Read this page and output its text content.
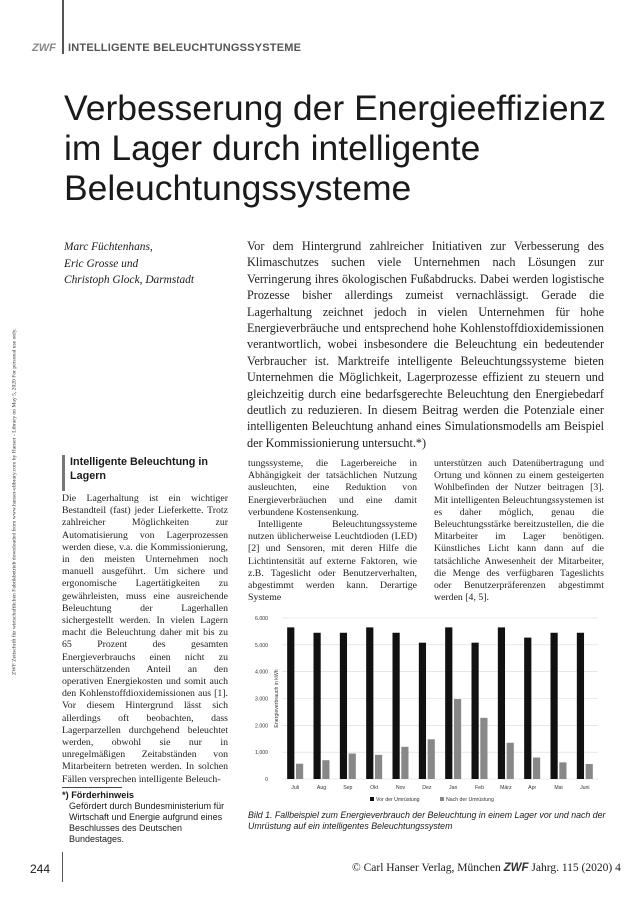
ZWF INTELLIGENTE BELEUCHTUNGSSYSTEME
ZWF Zeitschrift für wirtschaftlichen Fabrikbetrieb downloaded from www.hanser-elibrary.com by Hanser - Library on May 5, 2020 For personal use only.
Verbesserung der Energieeffizienz im Lager durch intelligente Beleuchtungssysteme
Marc Füchtenhans,
Eric Grosse und
Christoph Glock, Darmstadt
Vor dem Hintergrund zahlreicher Initiativen zur Verbesserung des Klimaschutzes suchen viele Unternehmen nach Lösungen zur Verringerung ihres ökologischen Fußabdrucks. Dabei werden logistische Prozesse bisher allerdings zumeist vernachlässigt. Gerade die Lagerhaltung zeichnet jedoch in vielen Unternehmen für hohe Energieverbräuche und entsprechend hohe Kohlenstoffdioxidemissionen verantwortlich, wobei insbesondere die Beleuchtung ein bedeutender Verbraucher ist. Marktreife intelligente Beleuchtungssysteme bieten Unternehmen die Möglichkeit, Lagerprozesse effizient zu steuern und gleichzeitig durch eine bedarfsgerechte Beleuchtung den Energiebedarf deutlich zu reduzieren. In diesem Beitrag werden die Potenziale einer intelligenten Beleuchtung anhand eines Simulationsmodells am Beispiel der Kommissionierung untersucht.*)
Intelligente Beleuchtung in Lagern
Die Lagerhaltung ist ein wichtiger Bestandteil (fast) jeder Lieferkette. Trotz zahlreicher Möglichkeiten zur Automatisierung von Lagerprozessen werden diese, v.a. die Kommissionierung, in den meisten Unternehmen noch manuell ausgeführt. Um sichere und ergonomische Lagertätigkeiten zu gewährleisten, muss eine ausreichende Beleuchtung der Lagerhallen sichergestellt werden. In vielen Lagern macht die Beleuchtung daher mit bis zu 65 Prozent des gesamten Energieverbrauchs einen nicht zu unterschätzenden Anteil an den operativen Energiekosten und somit auch den Kohlenstoffdioxidemissionen aus [1]. Vor diesem Hintergrund lässt sich allerdings oft beobachten, dass Lagerparzellen durchgehend beleuchtet werden, obwohl sie nur in unregelmäßigen Zeitabständen von Mitarbeitern betreten werden. In solchen Fällen versprechen intelligente Beleuch-
tungssysteme, die Lagerbereiche in Abhängigkeit der tatsächlichen Nutzung ausleuchten, eine Reduktion von Energieverbräuchen und eine damit verbundene Kostensenkung.
 Intelligente Beleuchtungssysteme nutzen üblicherweise Leuchtdioden (LED) [2] und Sensoren, mit deren Hilfe die Lichtintensität auf externe Faktoren, wie z.B. Tageslicht oder Benutzerverhalten, abgestimmt werden kann. Derartige Systeme
unterstützen auch Datenübertragung und Ortung und können zu einem gesteigerten Wohlbefinden der Nutzer beitragen [3]. Mit intelligenten Beleuchtungssystemen ist es daher möglich, genau die Beleuchtungsstärke bereitzustellen, die die Mitarbeiter im Lager benötigen. Künstliches Licht kann dann auf die tatsächliche Anwesenheit der Mitarbeiter, die Menge des verfügbaren Tageslichts oder Benutzerpräferenzen abgestimmt werden [4, 5].
*) Förderhinweis
Gefördert durch Bundesministerium für Wirtschaft und Energie aufgrund eines Beschlusses des Deutschen Bundestages.
0
1.000
2.000
3.000
4.000
5.000
6.000
Energieverbrauch in kWh
Juli	Aug	Sep	Okt	Nov	Dez	Jan	Feb	März	Apr	Mai	Juni
Vor der Umrüstung	Nach der Umrüstung
Bild 1. Fallbeispiel zum Energieverbrauch der Beleuchtung in einem Lager vor und nach der Umrüstung auf ein intelligentes Beleuchtungssystem
244	© Carl Hanser Verlag, München ZWF Jahrg. 115 (2020) 4
